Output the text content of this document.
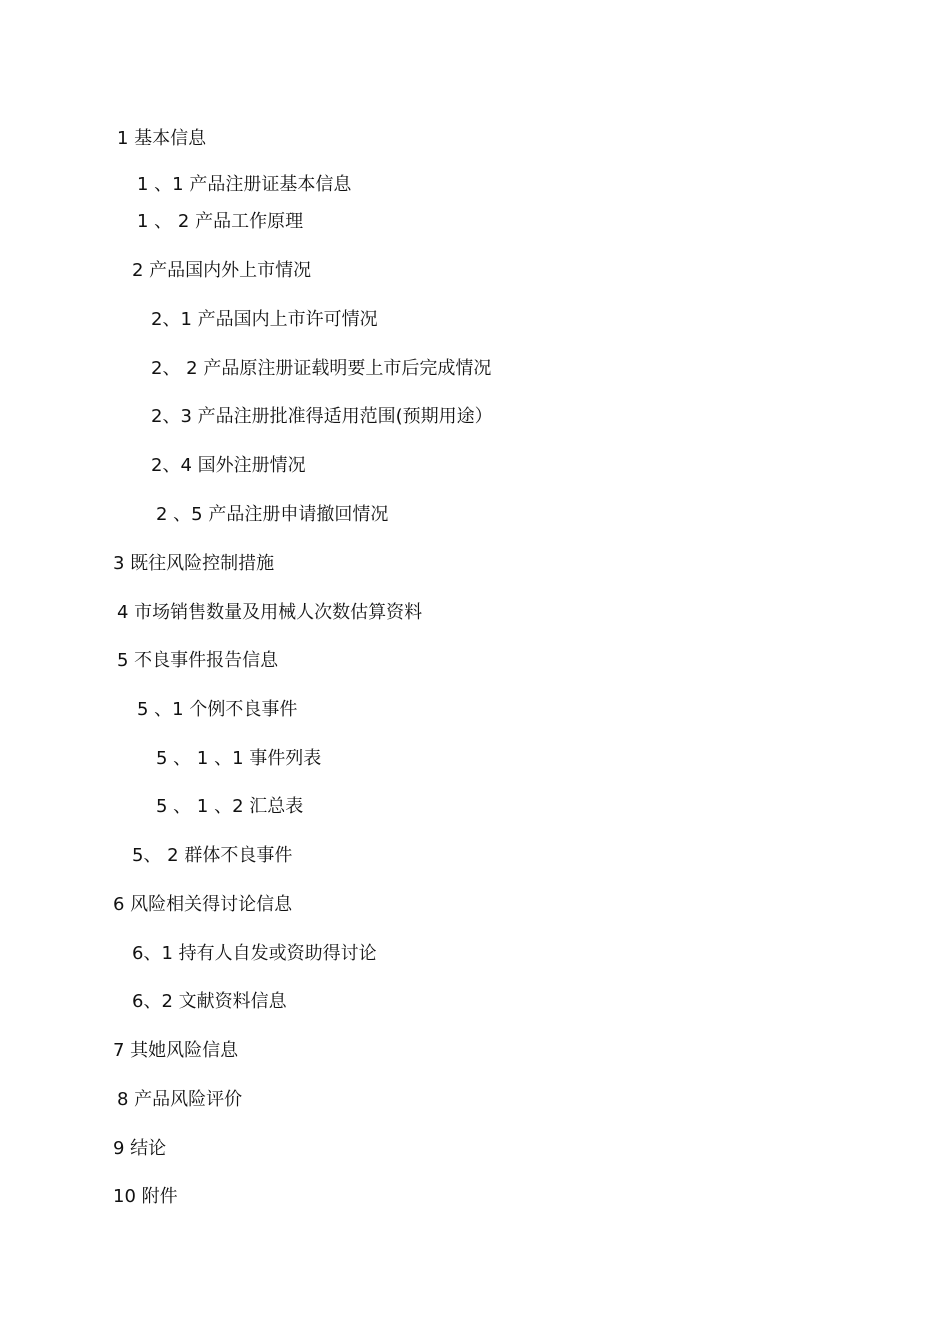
1 基本信息
1 、1 产品注册证基本信息
1 、 2 产品工作原理
2 产品国内外上市情况
2、1 产品国内上市许可情况
2、 2 产品原注册证载明要上市后完成情况
2、3 产品注册批准得适用范围(预期用途）
2、4 国外注册情况
2 、5 产品注册申请撤回情况
3 既往风险控制措施
4 市场销售数量及用械人次数估算资料
5 不良事件报告信息
5 、1 个例不良事件
5 、 1 、1 事件列表
5 、 1 、2 汇总表
5、 2 群体不良事件
6 风险相关得讨论信息
6、1 持有人自发或资助得讨论
6、2 文献资料信息
7 其她风险信息
8 产品风险评价
9 结论
10 附件
